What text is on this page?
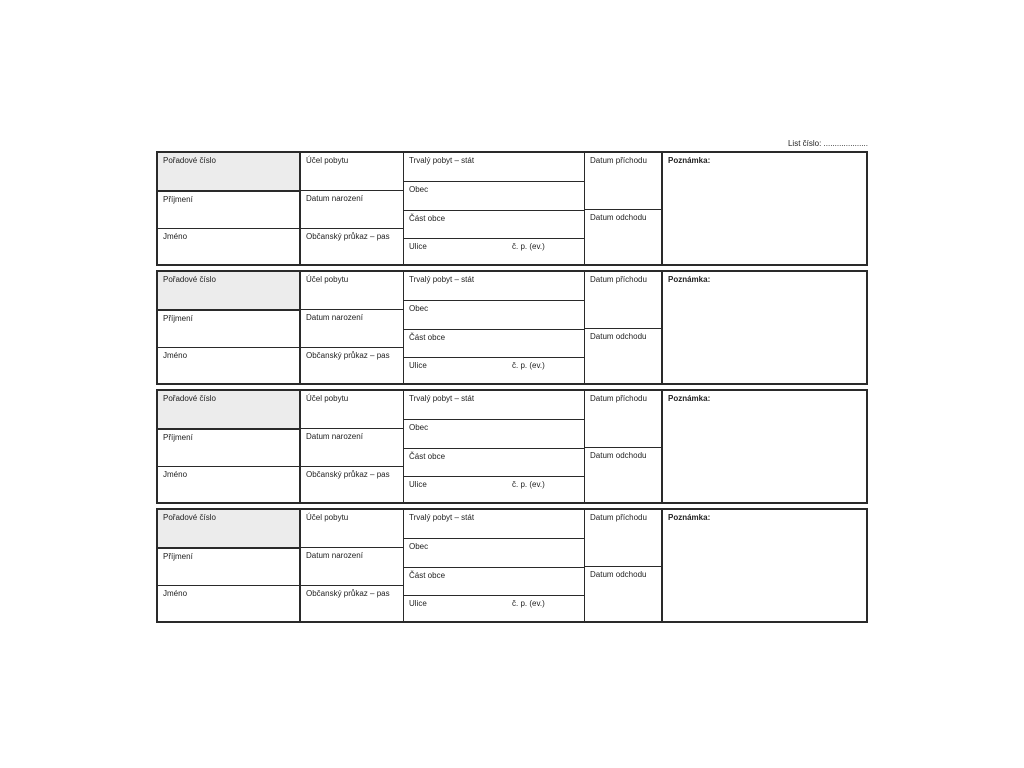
List číslo: ....................
Pořadové číslo
Příjmení
Jméno
Účel pobytu
Datum narození
Občanský průkaz – pas
Trvalý pobyt – stát
Obec
Část obce
Ulice	č. p. (ev.)
Datum příchodu
Datum odchodu
Poznámka:
Pořadové číslo
Příjmení
Jméno
Účel pobytu
Datum narození
Občanský průkaz – pas
Trvalý pobyt – stát
Obec
Část obce
Ulice	č. p. (ev.)
Datum příchodu
Datum odchodu
Poznámka:
Pořadové číslo
Příjmení
Jméno
Účel pobytu
Datum narození
Občanský průkaz – pas
Trvalý pobyt – stát
Obec
Část obce
Ulice	č. p. (ev.)
Datum příchodu
Datum odchodu
Poznámka:
Pořadové číslo
Příjmení
Jméno
Účel pobytu
Datum narození
Občanský průkaz – pas
Trvalý pobyt – stát
Obec
Část obce
Ulice	č. p. (ev.)
Datum příchodu
Datum odchodu
Poznámka:
